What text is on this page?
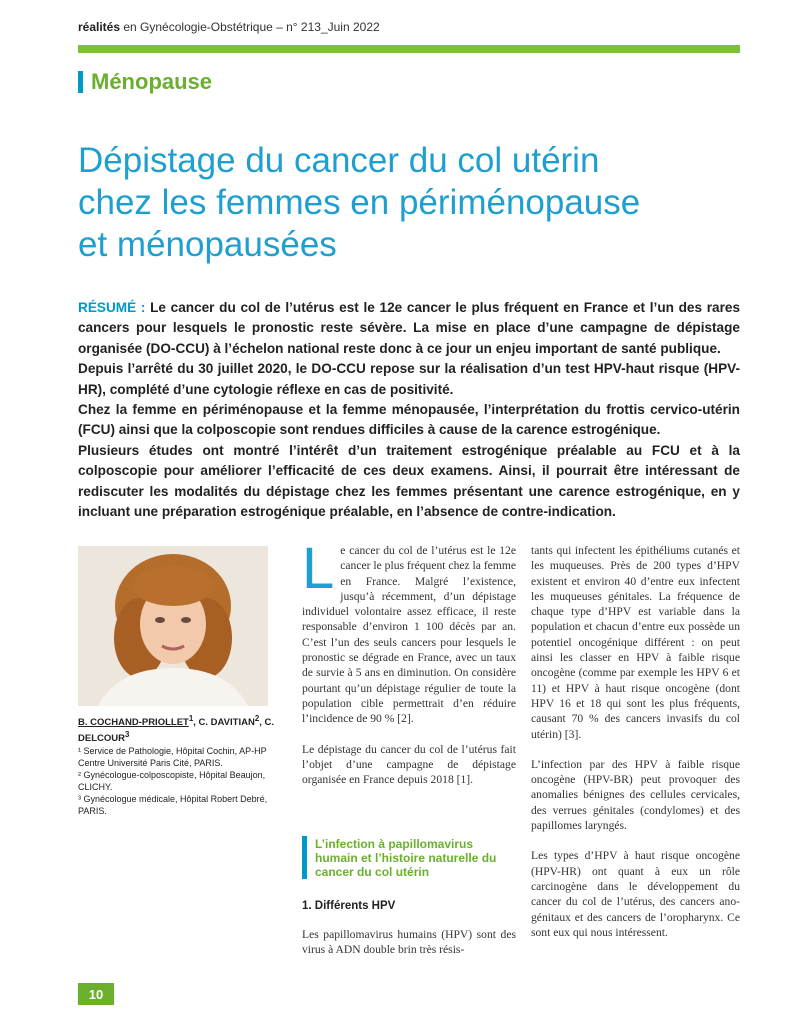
réalités en Gynécologie-Obstétrique – n° 213_Juin 2022
Ménopause
Dépistage du cancer du col utérin
chez les femmes en périménopause
et ménopausées

RÉSUMÉ : Le cancer du col de l’utérus est le 12e cancer le plus fréquent en France et l’un des rares cancers pour lesquels le pronostic reste sévère. La mise en place d’une campagne de dépistage organisée (DO-CCU) à l’échelon national reste donc à ce jour un enjeu important de santé publique.

Depuis l’arrêté du 30 juillet 2020, le DO-CCU repose sur la réalisation d’un test HPV-haut risque (HPV-HR), complété d’une cytologie réflexe en cas de positivité.

Chez la femme en périménopause et la femme ménopausée, l’interprétation du frottis cervico-utérin (FCU) ainsi que la colposcopie sont rendues difficiles à cause de la carence estrogénique.

Plusieurs études ont montré l’intérêt d’un traitement estrogénique préalable au FCU et à la colposcopie pour améliorer l’efficacité de ces deux examens. Ainsi, il pourrait être intéressant de rediscuter les modalités du dépistage chez les femmes présentant une carence estrogénique, en y incluant une préparation estrogénique préalable, en l’absence de contre-indication.

B. COCHAND-PRIOLLET$^1$, C. DAVITIAN$^2$, C. DELCOUR$^3$

¹ Service de Pathologie, Hôpital Cochin, AP-HP Centre Université Paris Cité, PARIS.

² Gynécologue-colposcopiste, Hôpital Beaujon, CLICHY.

³ Gynécologue médicale, Hôpital Robert Debré, PARIS.

Le cancer du col de l’utérus est le 12e cancer le plus fréquent chez la femme en France. Malgré l’existence, jusqu’à récemment, d’un dépistage individuel volontaire assez efficace, il reste responsable d’environ 1 100 décès par an. C’est l’un des seuls cancers pour lesquels le pronostic se dégrade en France, avec un taux de survie à 5 ans en diminution. On considère pourtant qu’un dépistage régulier de toute la population cible permettrait d’en réduire l’incidence de 90 % [2].

Le dépistage du cancer du col de l’utérus fait l’objet d’une campagne de dépistage organisée en France depuis 2018 [1].

L’infection à papillomavirus humain et l’histoire naturelle du cancer du col utérin
1. Différents HPV

Les papillomavirus humains (HPV) sont des virus à ADN double brin très résis-

tants qui infectent les épithéliums cutanés et les muqueuses. Près de 200 types d’HPV existent et environ 40 d’entre eux infectent les muqueuses génitales. La fréquence de chaque type d’HPV est variable dans la population et chacun d’entre eux possède un potentiel oncogénique différent : on peut ainsi les classer en HPV à faible risque oncogène (comme par exemple les HPV 6 et 11) et HPV à haut risque oncogène (dont HPV 16 et 18 qui sont les plus fréquents, causant 70 % des cancers invasifs du col utérin) [3].

L’infection par des HPV à faible risque oncogène (HPV-BR) peut provoquer des anomalies bénignes des cellules cervicales, des verrues génitales (condylomes) et des papillomes laryngés.

Les types d’HPV à haut risque oncogène (HPV-HR) ont quant à eux un rôle carcinogène dans le développement du cancer du col de l’utérus, des cancers ano-génitaux et des cancers de l’oropharynx. Ce sont eux qui nous intéressent.

10
